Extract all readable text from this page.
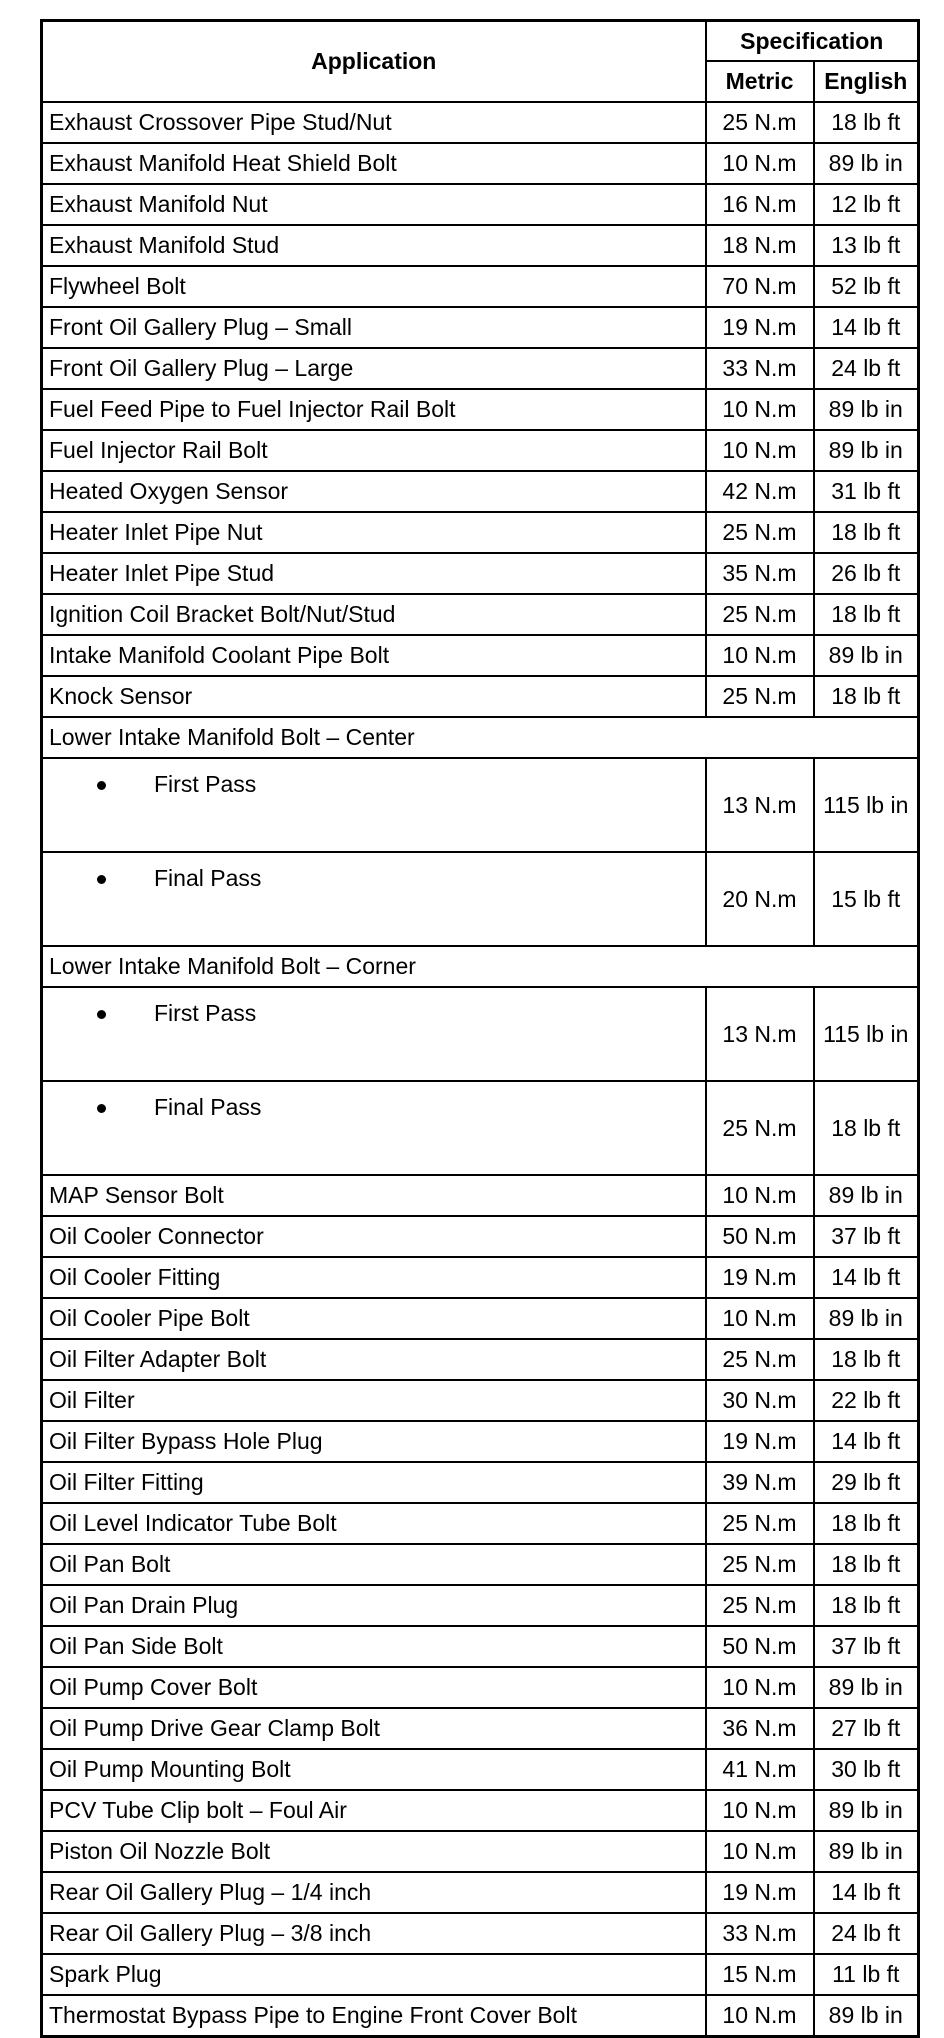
Application	Specification	
	Metric	English
Exhaust Crossover Pipe Stud/Nut	25 N.m	18 lb ft
Exhaust Manifold Heat Shield Bolt	10 N.m	89 lb in
Exhaust Manifold Nut	16 N.m	12 lb ft
Exhaust Manifold Stud	18 N.m	13 lb ft
Flywheel Bolt	70 N.m	52 lb ft
Front Oil Gallery Plug – Small	19 N.m	14 lb ft
Front Oil Gallery Plug – Large	33 N.m	24 lb ft
Fuel Feed Pipe to Fuel Injector Rail Bolt	10 N.m	89 lb in
Fuel Injector Rail Bolt	10 N.m	89 lb in
Heated Oxygen Sensor	42 N.m	31 lb ft
Heater Inlet Pipe Nut	25 N.m	18 lb ft
Heater Inlet Pipe Stud	35 N.m	26 lb ft
Ignition Coil Bracket Bolt/Nut/Stud	25 N.m	18 lb ft
Intake Manifold Coolant Pipe Bolt	10 N.m	89 lb in
Knock Sensor	25 N.m	18 lb ft
Lower Intake Manifold Bolt – Center		
First Pass	13 N.m	115 lb in
Final Pass	20 N.m	15 lb ft
Lower Intake Manifold Bolt – Corner		
First Pass	13 N.m	115 lb in
Final Pass	25 N.m	18 lb ft
MAP Sensor Bolt	10 N.m	89 lb in
Oil Cooler Connector	50 N.m	37 lb ft
Oil Cooler Fitting	19 N.m	14 lb ft
Oil Cooler Pipe Bolt	10 N.m	89 lb in
Oil Filter Adapter Bolt	25 N.m	18 lb ft
Oil Filter	30 N.m	22 lb ft
Oil Filter Bypass Hole Plug	19 N.m	14 lb ft
Oil Filter Fitting	39 N.m	29 lb ft
Oil Level Indicator Tube Bolt	25 N.m	18 lb ft
Oil Pan Bolt	25 N.m	18 lb ft
Oil Pan Drain Plug	25 N.m	18 lb ft
Oil Pan Side Bolt	50 N.m	37 lb ft
Oil Pump Cover Bolt	10 N.m	89 lb in
Oil Pump Drive Gear Clamp Bolt	36 N.m	27 lb ft
Oil Pump Mounting Bolt	41 N.m	30 lb ft
PCV Tube Clip bolt – Foul Air	10 N.m	89 lb in
Piston Oil Nozzle Bolt	10 N.m	89 lb in
Rear Oil Gallery Plug – 1/4 inch	19 N.m	14 lb ft
Rear Oil Gallery Plug – 3/8 inch	33 N.m	24 lb ft
Spark Plug	15 N.m	11 lb ft
Thermostat Bypass Pipe to Engine Front Cover Bolt	10 N.m	89 lb in
